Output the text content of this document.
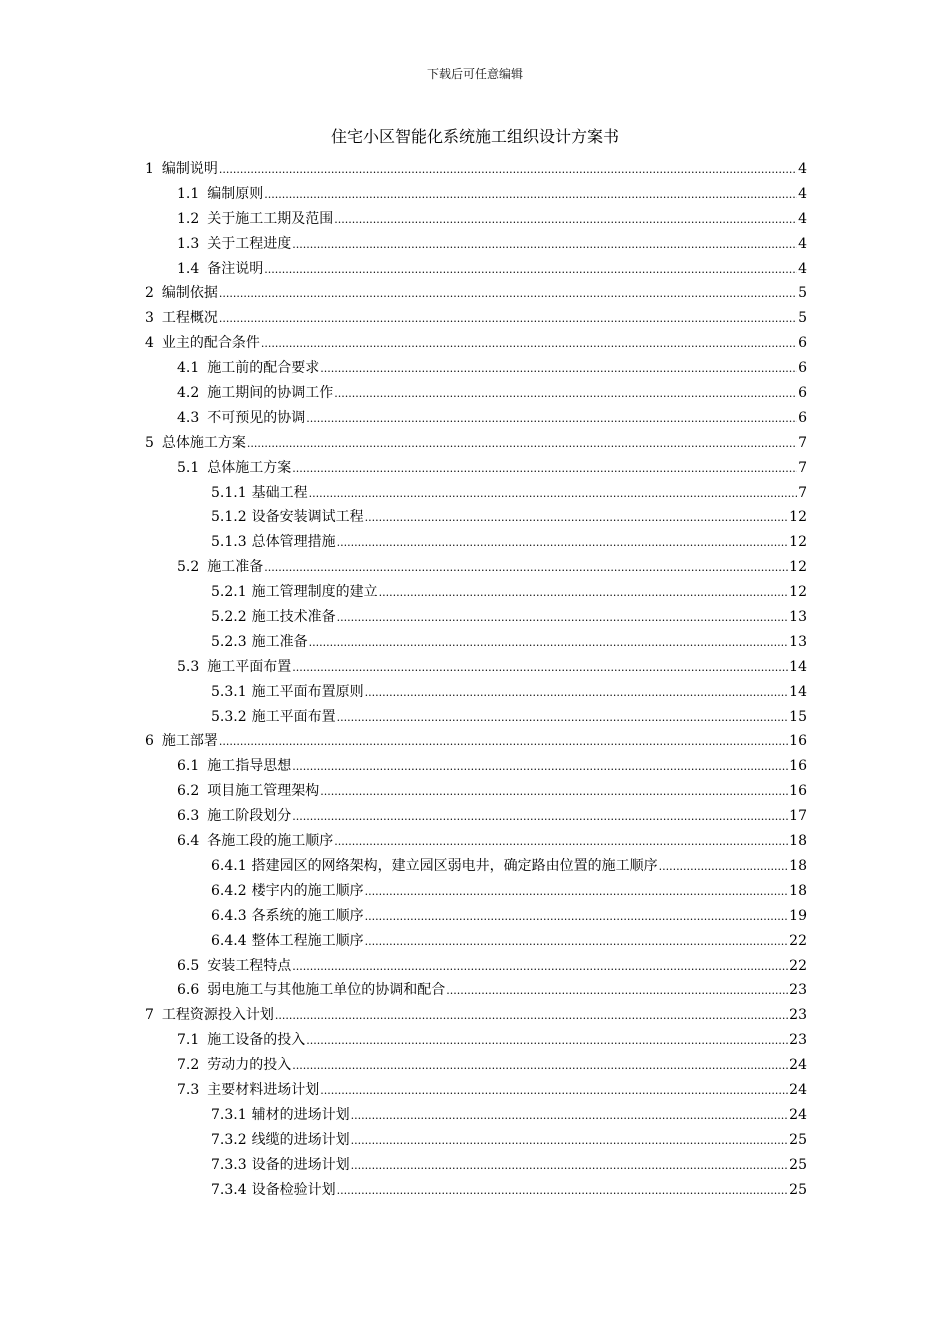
下载后可任意编辑
住宅小区智能化系统施工组织设计方案书
1 编制说明 .....	4
1.1 编制原则 .....	4
1.2 关于施工工期及范围 .....	4
1.3 关于工程进度 .....	4
1.4 备注说明 .....	4
2 编制依据 .....	5
3 工程概况 .....	5
4 业主的配合条件 .....	6
4.1 施工前的配合要求 .....	6
4.2 施工期间的协调工作 .....	6
4.3 不可预见的协调 .....	6
5 总体施工方案 .....	7
5.1 总体施工方案 .....	7
5.1.1 基础工程 .....	7
5.1.2 设备安装调试工程 .....	12
5.1.3 总体管理措施 .....	12
5.2 施工准备 .....	12
5.2.1 施工管理制度的建立 .....	12
5.2.2 施工技术准备 .....	13
5.2.3 施工准备 .....	13
5.3 施工平面布置 .....	14
5.3.1 施工平面布置原则 .....	14
5.3.2 施工平面布置 .....	15
6 施工部署 .....	16
6.1 施工指导思想 .....	16
6.2 项目施工管理架构 .....	16
6.3 施工阶段划分 .....	17
6.4 各施工段的施工顺序 .....	18
6.4.1 搭建园区的网络架构，建立园区弱电井，确定路由位置的施工顺序 .....	18
6.4.2 楼宇内的施工顺序 .....	18
6.4.3 各系统的施工顺序 .....	19
6.4.4 整体工程施工顺序 .....	22
6.5 安装工程特点 .....	22
6.6 弱电施工与其他施工单位的协调和配合 .....	23
7 工程资源投入计划 .....	23
7.1 施工设备的投入 .....	23
7.2 劳动力的投入 .....	24
7.3 主要材料进场计划 .....	24
7.3.1 辅材的进场计划 .....	24
7.3.2 线缆的进场计划 .....	25
7.3.3 设备的进场计划 .....	25
7.3.4 设备检验计划 .....	25
